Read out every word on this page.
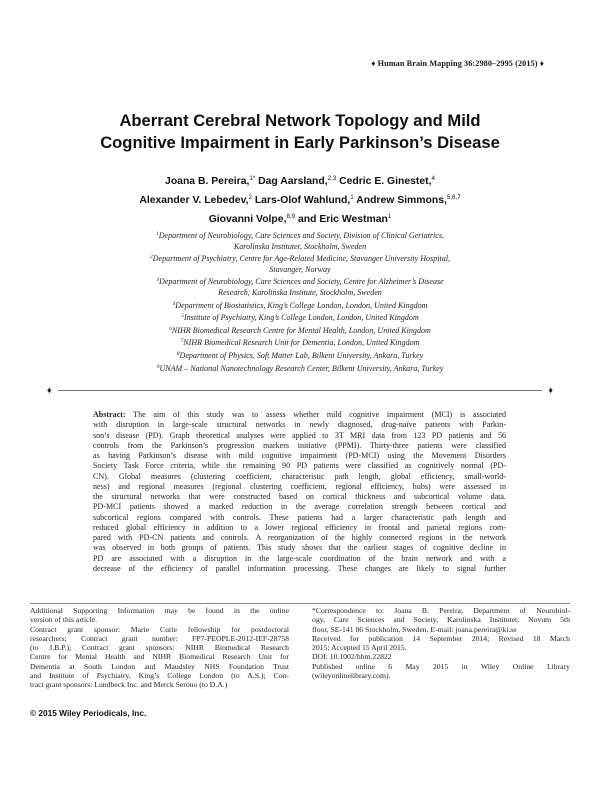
♦ Human Brain Mapping 36:2980–2995 (2015) ♦
Aberrant Cerebral Network Topology and Mild
Cognitive Impairment in Early Parkinson’s Disease
Joana B. Pereira,$^{1*}$ Dag Aarsland,$^{2,3}$ Cedric E. Ginestet,$^4$
Alexander V. Lebedev,$^2$ Lars-Olof Wahlund,$^1$ Andrew Simmons,$^{5,6,7}$
Giovanni Volpe,$^{8,9}$ and Eric Westman$^1$
$^1$Department of Neurobiology, Care Sciences and Society, Division of Clinical Geriatrics,
Karolinska Institutet, Stockholm, Sweden
$^2$Department of Psychiatry, Centre for Age-Related Medicine, Stavanger University Hospital,
Stavanger, Norway
$^3$Department of Neurobiology, Care Sciences and Society, Centre for Alzheimer’s Disease
Research, Karolinska Institute, Stockholm, Sweden
$^4$Department of Biostatistics, King’s College London, London, United Kingdom
$^5$Institute of Psychiatry, King’s College London, London, United Kingdom
$^6$NIHR Biomedical Research Centre for Mental Health, London, United Kingdom
$^7$NIHR Biomedical Research Unit for Dementia, London, United Kingdom
$^8$Department of Physics, Soft Matter Lab, Bilkent University, Ankara, Turkey
$^9$UNAM – National Nanotechnology Research Center, Bilkent University, Ankara, Turkey
♦	♦
Abstract: The aim of this study was to assess whether mild cognitive impairment (MCI) is associated
with disruption in large-scale structural networks in newly diagnosed, drug-naïve patients with Parkin-
son’s disease (PD). Graph theoretical analyses were applied to 3T MRI data from 123 PD patients and 56
controls from the Parkinson’s progression markers initiative (PPMI). Thirty-three patients were classified
as having Parkinson’s disease with mild cognitive impairment (PD-MCI) using the Movement Disorders
Society Task Force criteria, while the remaining 90 PD patients were classified as cognitively normal (PD-
CN). Global measures (clustering coefficient, characteristic path length, global efficiency, small-world-
ness) and regional measures (regional clustering coefficient, regional efficiency, hubs) were assessed in
the structural networks that were constructed based on cortical thickness and subcortical volume data.
PD-MCI patients showed a marked reduction in the average correlation strength between cortical and
subcortical regions compared with controls. These patients had a larger characteristic path length and
reduced global efficiency in addition to a lower regional efficiency in frontal and parietal regions com-
pared with PD-CN patients and controls. A reorganization of the highly connected regions in the network
was observed in both groups of patients. This study shows that the earliest stages of cognitive decline in
PD are associated with a disruption in the large-scale coordination of the brain network and with a
decrease of the efficiency of parallel information processing. These changes are likely to signal further
Additional Supporting Information may be found in the online
version of this article.
Contract grant sponsor: Marie Curie fellowship for postdoctoral
researchers; Contract grant number: FP7-PEOPLE-2012-IEF-28758
(to J.B.P.); Contract grant sponsors: NIHR Biomedical Research
Centre for Mental Health and NIHR Biomedical Research Unit for
Dementia at South London and Maudsley NHS Foundation Trust
and Institute of Psychiatry, King’s College London (to A.S.); Con-
tract grant sponsors: Lundbeck Inc. and Merck Serono (to D.A.)
*Correspondence to: Joana B. Pereira; Department of Neurobiol-
ogy, Care Sciences and Society, Karolinska Institutet, Novum 5th
floor, SE-141 86 Stockholm, Sweden. E-mail: joana.pereira@ki.se
Received for publication 14 September 2014; Revised 18 March
2015; Accepted 15 April 2015.
DOI: 10.1002/hbm.22822
Published online 6 May 2015 in Wiley Online Library
(wileyonlinelibrary.com).
© 2015 Wiley Periodicals, Inc.
